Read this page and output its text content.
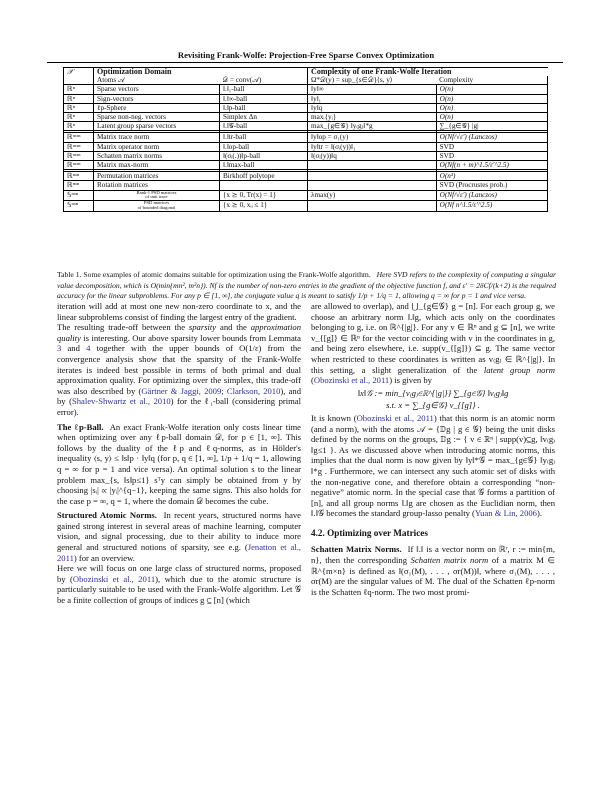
Revisiting Frank-Wolfe: Projection-Free Sparse Convex Optimization
𝒳	Optimization Domain		Complexity of one Frank-Wolfe Iteration	
	Atoms 𝒜	𝒟 = conv(𝒜)	Ω*𝒟(y) = sup_{s∈𝒟}⟨s, y⟩	Complexity
ℝⁿ	Sparse vectors	‖.‖₁-ball	‖y‖∞	O(n)
ℝⁿ	Sign-vectors	‖.‖∞-ball	‖y‖₁	O(n)
ℝⁿ	ℓp-Sphere	‖.‖p-ball	‖y‖q	O(n)
ℝⁿ	Sparse non-neg. vectors	Simplex Δn	maxᵢ{yᵢ}	O(n)
ℝⁿ	Latent group sparse vectors	‖.‖𝒢-ball	max_{g∈𝒢} ‖y₍g₎‖*g	∑_{g∈𝒢} |g|

ℝᵐˣⁿ	Matrix trace norm	‖.‖tr-ball	‖y‖op = σ₁(y)	O(Nf/√ε′) (Lanczos)
ℝᵐˣⁿ	Matrix operator norm	‖.‖op-ball	‖y‖tr = ‖(σᵢ(y))‖₁	SVD
ℝᵐˣⁿ	Schatten matrix norms	‖(σᵢ(.))‖p-ball	‖(σᵢ(y))‖q	SVD
ℝᵐˣⁿ	Matrix max-norm	‖.‖max-ball		O(Nf(n + m)^1.5/ε′^2.5)

ℝⁿˣⁿ	Permutation matrices	Birkhoff polytope		O(n³)
ℝⁿˣⁿ	Rotation matrices			SVD (Procrustes prob.)
𝕊ⁿˣⁿ	Rank-1 PSD matrices
of unit trace	{x ⪰ 0, Tr(x) = 1}	λmax(y)	O(Nf/√ε′) (Lanczos)
𝕊ⁿˣⁿ	PSD matrices
of bounded diagonal	{x ⪰ 0, xᵢᵢ ≤ 1}		O(Nf n^1.5/ε′^2.5)
Table 1. Some examples of atomic domains suitable for optimization using the Frank-Wolfe algorithm. Here SVD refers to the complexity of computing a singular value decomposition, which is O(min{mn², m²n}). Nf is the number of non-zero entries in the gradient of the objective function f, and ε′ = 2δCf/(k+2) is the required accuracy for the linear subproblems. For any p ∈ [1, ∞], the conjugate value q is meant to satisfy 1/p + 1/q = 1, allowing q = ∞ for p = 1 and vice versa.

iteration will add at most one new non-zero coordinate to x, and the linear subproblems consist of finding the largest entry of the gradient.

The resulting trade-off between the sparsity and the approximation quality is interesting. Our above sparsity lower bounds from Lemmata 3 and 4 together with the upper bounds of O(1/ε) from the convergence analysis show that the sparsity of the Frank-Wolfe iterates is indeed best possible in terms of both primal and dual approximation quality. For optimizing over the simplex, this trade-off was also described by (Gärtner & Jaggi, 2009; Clarkson, 2010), and by (Shalev-Shwartz et al., 2010) for the ℓ₁-ball (considering primal error).

The ℓp-Ball. An exact Frank-Wolfe iteration only costs linear time when optimizing over any ℓp-ball domain 𝒟, for p ∈ [1, ∞]. This follows by the duality of the ℓp and ℓq-norms, as in Hölder's inequality ⟨s, y⟩ ≤ ‖s‖p · ‖y‖q (for p, q ∈ [1, ∞], 1/p + 1/q = 1, allowing q = ∞ for p = 1 and vice versa). An optimal solution s to the linear problem max_{s, ‖s‖p≤1} sᵀy can simply be obtained from y by choosing |sᵢ| ∝ |yᵢ|^{q−1}, keeping the same signs. This also holds for the case p = ∞, q = 1, where the domain 𝒟 becomes the cube.

Structured Atomic Norms. In recent years, structured norms have gained strong interest in several areas of machine learning, computer vision, and signal processing, due to their ability to induce more general and structured notions of sparsity, see e.g. (Jenatton et al., 2011) for an overview.

Here we will focus on one large class of structured norms, proposed by (Obozinski et al., 2011), which due to the atomic structure is particularly suitable to be used with the Frank-Wolfe algorithm. Let 𝒢 be a finite collection of groups of indices g ⊆ [n] (which

are allowed to overlap), and ⋃_{g∈𝒢} g = [n]. For each group g, we choose an arbitrary norm ‖.‖g, which acts only on the coordinates belonging to g, i.e. on ℝ^{|g|}. For any v ∈ ℝⁿ and g ⊆ [n], we write v_{[g]} ∈ ℝⁿ for the vector coinciding with v in the coordinates in g, and being zero elsewhere, i.e. supp(v_{[g]}) ⊆ g. The same vector when restricted to these coordinates is written as v₍g₎ ∈ ℝ^{|g|}. In this setting, a slight generalization of the latent group norm (Obozinski et al., 2011) is given by

‖x‖𝒢 := min_{v₍g₎∈ℝ^{|g|}} ∑_{g∈𝒢} ‖v₍g₎‖g
s.t. x = ∑_{g∈𝒢} v_{[g]} .

It is known (Obozinski et al., 2011) that this norm is an atomic norm (and a norm), with the atoms 𝒜 = {𝔻g | g ∈ 𝒢} being the unit disks defined by the norms on the groups, 𝔻g := { v ∈ ℝⁿ | supp(v)⊆g, ‖v₍g₎‖g≤1 }. As we discussed above when introducing atomic norms, this implies that the dual norm is now given by ‖y‖*𝒢 = max_{g∈𝒢} ‖y₍g₎‖*g . Furthermore, we can intersect any such atomic set of disks with the non-negative cone, and therefore obtain a corresponding “non-negative” atomic norm. In the special case that 𝒢 forms a partition of [n], and all group norms ‖.‖g are chosen as the Euclidian norm, then ‖.‖𝒢 becomes the standard group-lasso penalty (Yuan & Lin, 2006).

4.2. Optimizing over Matrices

Schatten Matrix Norms. If ‖.‖ is a vector norm on ℝʳ, r := min{m, n}, then the corresponding Schatten matrix norm of a matrix M ∈ ℝ^{m×n} is defined as ‖(σ₁(M), . . . , σr(M))‖, where σ₁(M), . . . , σr(M) are the singular values of M. The dual of the Schatten ℓp-norm is the Schatten ℓq-norm. The two most promi-
